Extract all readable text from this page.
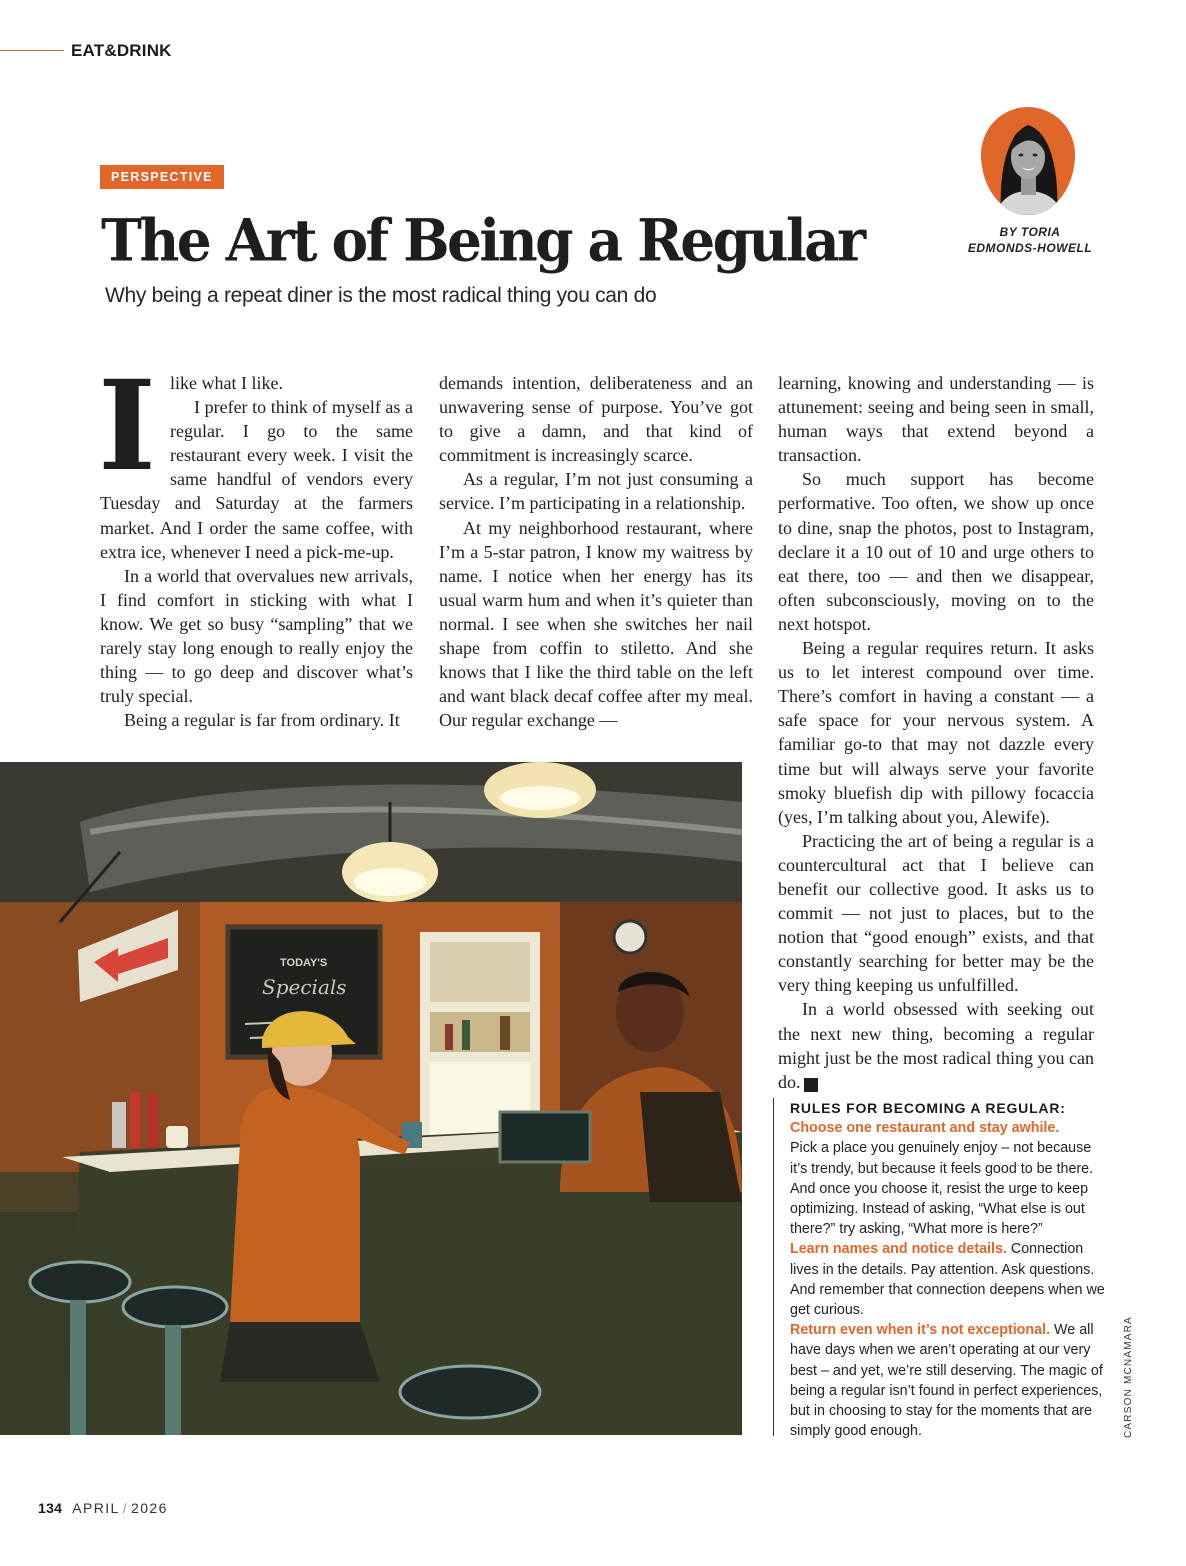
EAT&DRINK
PERSPECTIVE
The Art of Being a Regular
Why being a repeat diner is the most radical thing you can do
BY TORIA
EDMONDS-HOWELL
I like what I like.

I prefer to think of myself as a regular. I go to the same restaurant every week. I visit the same handful of vendors every Tuesday and Saturday at the farmers market. And I order the same coffee, with extra ice, whenever I need a pick-me-up.

In a world that overvalues new arrivals, I find comfort in sticking with what I know. We get so busy “sampling” that we rarely stay long enough to really enjoy the thing — to go deep and discover what’s truly special.

Being a regular is far from ordinary. It

demands intention, deliberateness and an unwavering sense of purpose. You’ve got to give a damn, and that kind of commitment is increasingly scarce.

As a regular, I’m not just consuming a service. I’m participating in a relationship.

At my neighborhood restaurant, where I’m a 5-star patron, I know my waitress by name. I notice when her energy has its usual warm hum and when it’s quieter than normal. I see when she switches her nail shape from coffin to stiletto. And she knows that I like the third table on the left and want black decaf coffee after my meal. Our regular exchange —

learning, knowing and understanding — is attunement: seeing and being seen in small, human ways that extend beyond a transaction.

So much support has become performative. Too often, we show up once to dine, snap the photos, post to Instagram, declare it a 10 out of 10 and urge others to eat there, too — and then we disappear, often subconsciously, moving on to the next hotspot.

Being a regular requires return. It asks us to let interest compound over time. There’s comfort in having a constant — a safe space for your nervous system. A familiar go-to that may not dazzle every time but will always serve your favorite smoky bluefish dip with pillowy focaccia (yes, I’m talking about you, Alewife).

Practicing the art of being a regular is a countercultural act that I believe can benefit our collective good. It asks us to commit — not just to places, but to the notion that “good enough” exists, and that constantly searching for better may be the very thing keeping us unfulfilled.

In a world obsessed with seeking out the next new thing, becoming a regular might just be the most radical thing you can do.	R

TODAY'S
Specials
RULES FOR BECOMING A REGULAR:

Choose one restaurant and stay awhile.
Pick a place you genuinely enjoy – not because it’s trendy, but because it feels good to be there. And once you choose it, resist the urge to keep optimizing. Instead of asking, “What else is out there?” try asking, “What more is here?”

Learn names and notice details. Connection lives in the details. Pay attention. Ask questions. And remember that connection deepens when we get curious.

Return even when it’s not exceptional. We all have days when we aren’t operating at our very best – and yet, we’re still deserving. The magic of being a regular isn’t found in perfect experiences, but in choosing to stay for the moments that are simply good enough.	CARSON MCNAMARA
134 APRIL / 2026
